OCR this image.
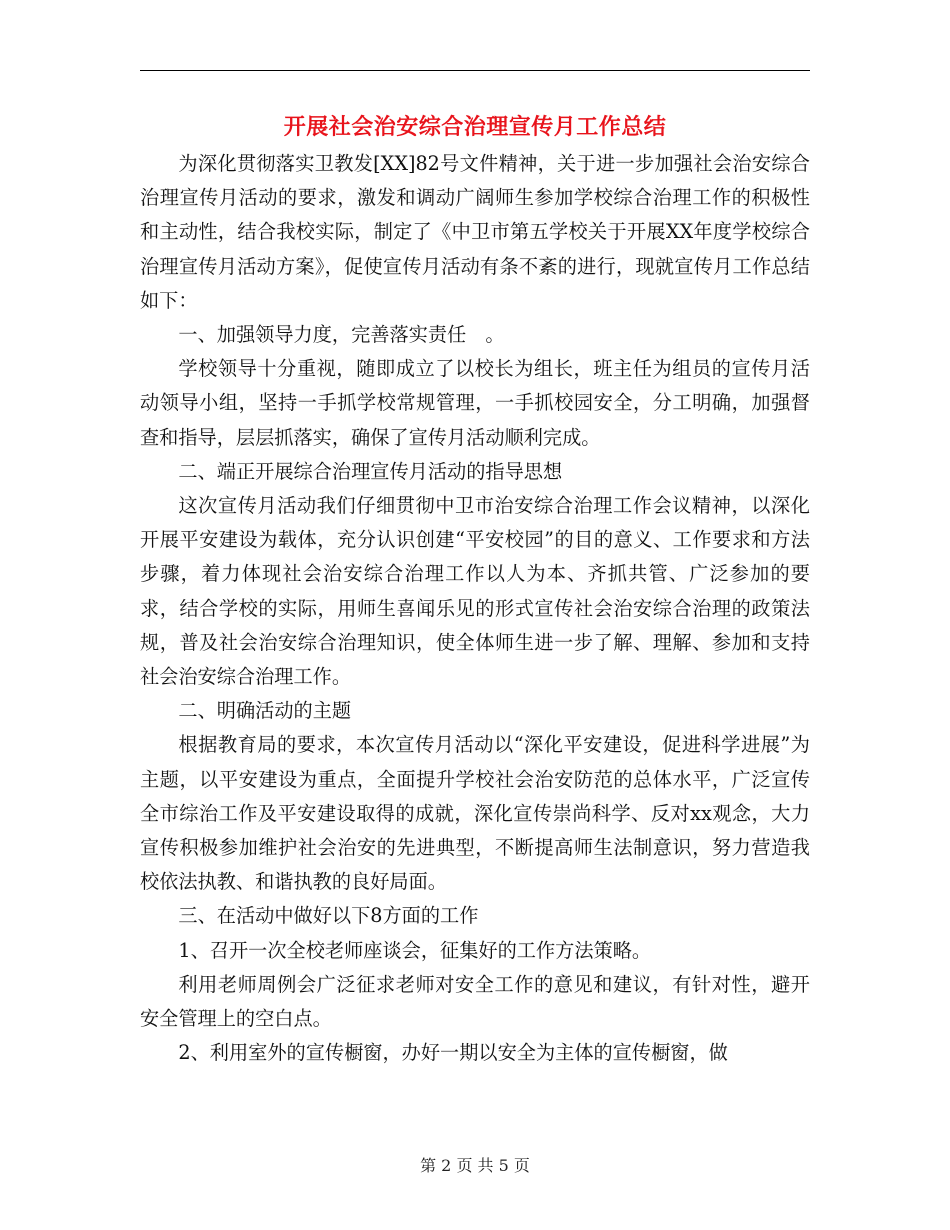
开展社会治安综合治理宣传月工作总结

为深化贯彻落实卫教发[XX]82号文件精神，关于进一步加强社会治安综合治理宣传月活动的要求，激发和调动广阔师生参加学校综合治理工作的积极性和主动性，结合我校实际，制定了《中卫市第五学校关于开展XX年度学校综合治理宣传月活动方案》，促使宣传月活动有条不紊的进行，现就宣传月工作总结如下：

一、加强领导力度，完善落实责任　。

学校领导十分重视，随即成立了以校长为组长，班主任为组员的宣传月活动领导小组，坚持一手抓学校常规管理，一手抓校园安全，分工明确，加强督查和指导，层层抓落实，确保了宣传月活动顺利完成。

二、端正开展综合治理宣传月活动的指导思想

这次宣传月活动我们仔细贯彻中卫市治安综合治理工作会议精神，以深化开展平安建设为载体，充分认识创建“平安校园”的目的意义、工作要求和方法步骤，着力体现社会治安综合治理工作以人为本、齐抓共管、广泛参加的要求，结合学校的实际，用师生喜闻乐见的形式宣传社会治安综合治理的政策法规，普及社会治安综合治理知识，使全体师生进一步了解、理解、参加和支持社会治安综合治理工作。

二、明确活动的主题

根据教育局的要求，本次宣传月活动以“深化平安建设，促进科学进展”为主题，以平安建设为重点，全面提升学校社会治安防范的总体水平，广泛宣传全市综治工作及平安建设取得的成就，深化宣传崇尚科学、反对xx观念，大力宣传积极参加维护社会治安的先进典型，不断提高师生法制意识，努力营造我校依法执教、和谐执教的良好局面。

三、在活动中做好以下8方面的工作

1、召开一次全校老师座谈会，征集好的工作方法策略。

利用老师周例会广泛征求老师对安全工作的意见和建议，有针对性，避开安全管理上的空白点。

2、利用室外的宣传橱窗，办好一期以安全为主体的宣传橱窗，做

第 2 页 共 5 页
